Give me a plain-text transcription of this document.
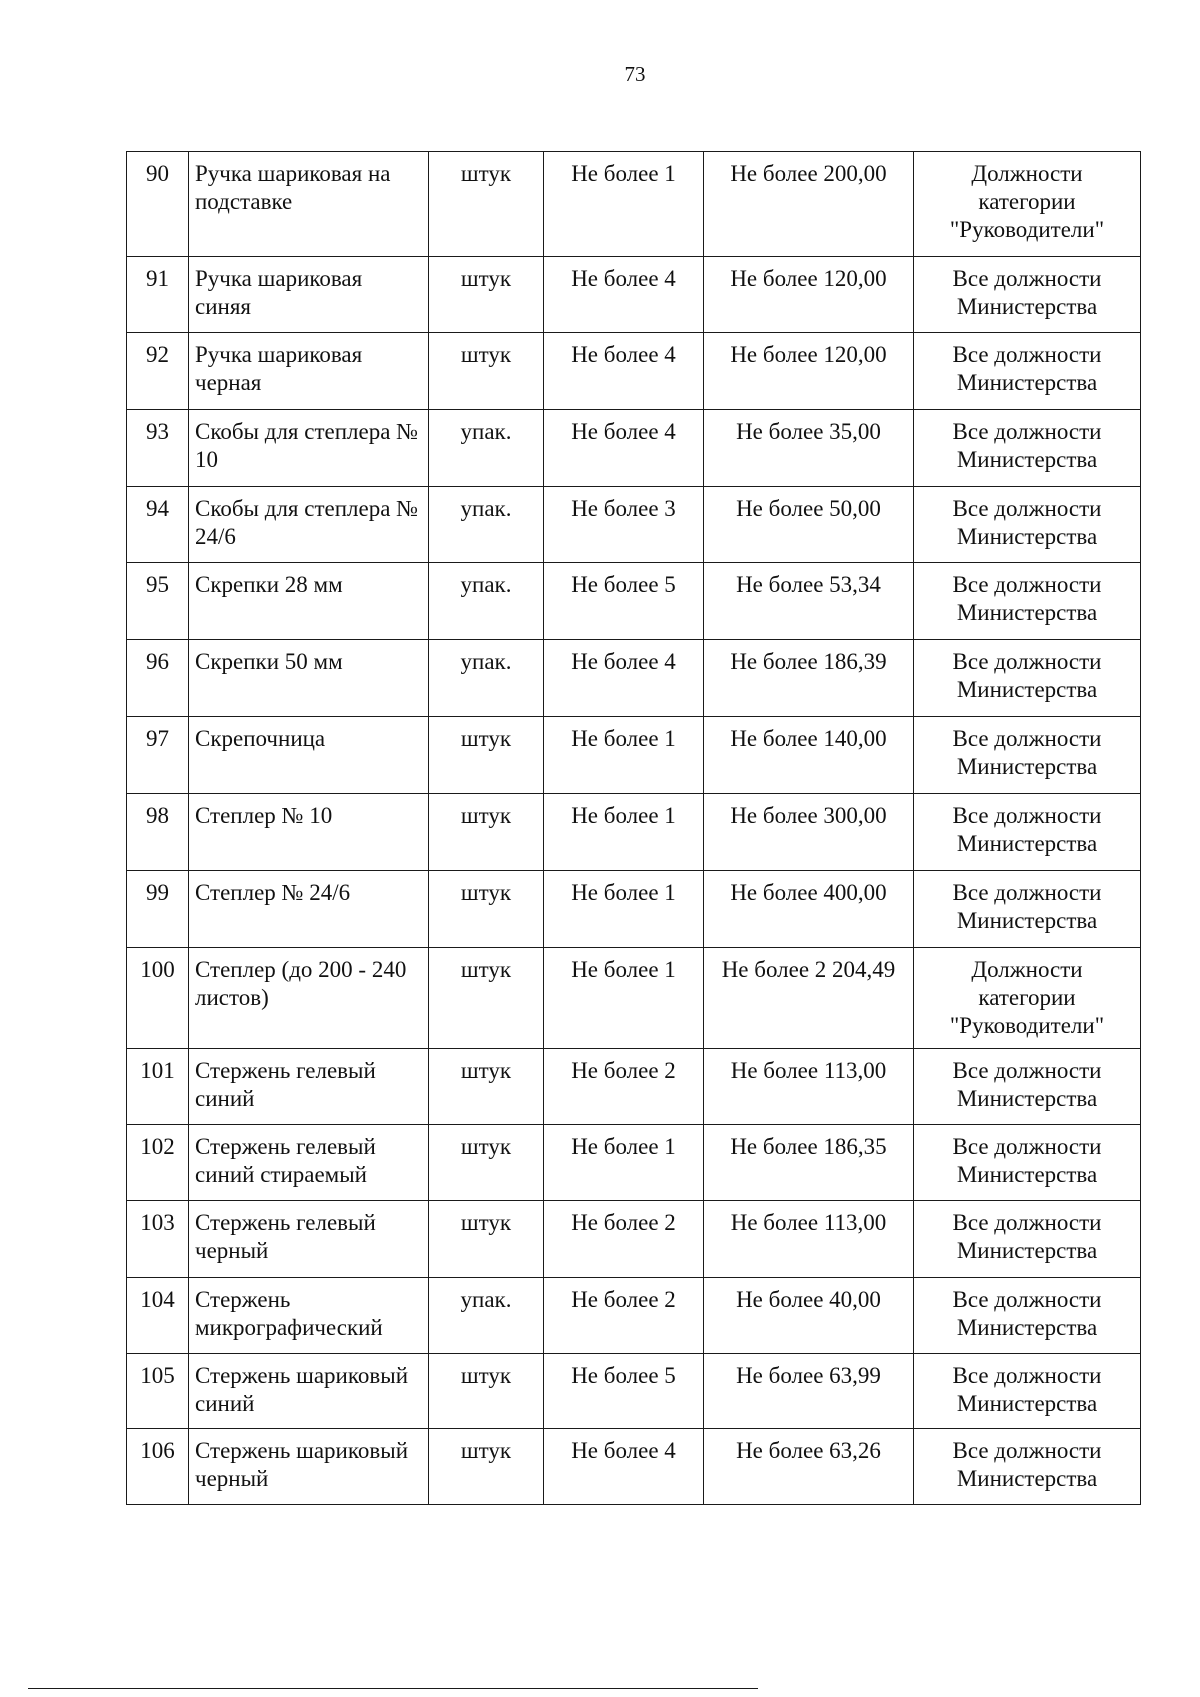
73
90	Ручка шариковая на подставке	штук	Не более 1	Не более 200,00	Должности категории "Руководители"
91	Ручка шариковая синяя	штук	Не более 4	Не более 120,00	Все должности Министерства
92	Ручка шариковая черная	штук	Не более 4	Не более 120,00	Все должности Министерства
93	Скобы для степлера № 10	упак.	Не более 4	Не более 35,00	Все должности Министерства
94	Скобы для степлера № 24/6	упак.	Не более 3	Не более 50,00	Все должности Министерства
95	Скрепки 28 мм	упак.	Не более 5	Не более 53,34	Все должности Министерства
96	Скрепки 50 мм	упак.	Не более 4	Не более 186,39	Все должности Министерства
97	Скрепочница	штук	Не более 1	Не более 140,00	Все должности Министерства
98	Степлер № 10	штук	Не более 1	Не более 300,00	Все должности Министерства
99	Степлер № 24/6	штук	Не более 1	Не более 400,00	Все должности Министерства
100	Степлер (до 200 - 240 листов)	штук	Не более 1	Не более 2 204,49	Должности категории "Руководители"
101	Стержень гелевый синий	штук	Не более 2	Не более 113,00	Все должности Министерства
102	Стержень гелевый синий стираемый	штук	Не более 1	Не более 186,35	Все должности Министерства
103	Стержень гелевый черный	штук	Не более 2	Не более 113,00	Все должности Министерства
104	Стержень микрографический	упак.	Не более 2	Не более 40,00	Все должности Министерства
105	Стержень шариковый синий	штук	Не более 5	Не более 63,99	Все должности Министерства
106	Стержень шариковый черный	штук	Не более 4	Не более 63,26	Все должности Министерства
